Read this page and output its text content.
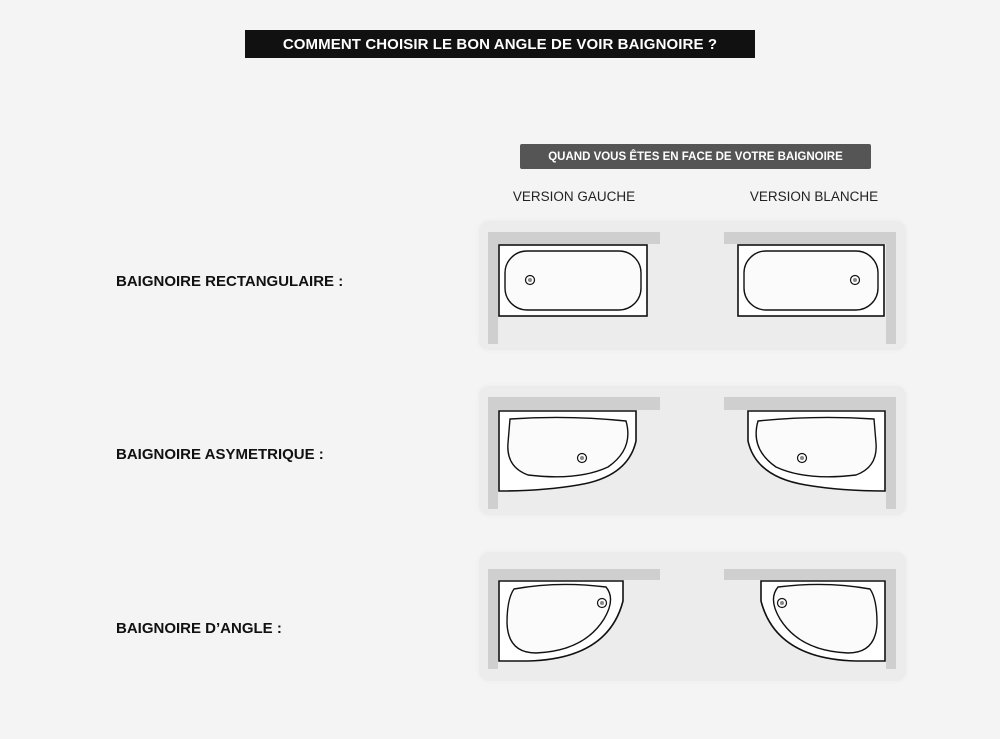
COMMENT CHOISIR LE BON ANGLE DE VOIR BAIGNOIRE ?
QUAND VOUS ÊTES EN FACE DE VOTRE BAIGNOIRE
VERSION GAUCHE	VERSION BLANCHE
BAIGNOIRE RECTANGULAIRE :
BAIGNOIRE ASYMETRIQUE :
BAIGNOIRE D’ANGLE :
